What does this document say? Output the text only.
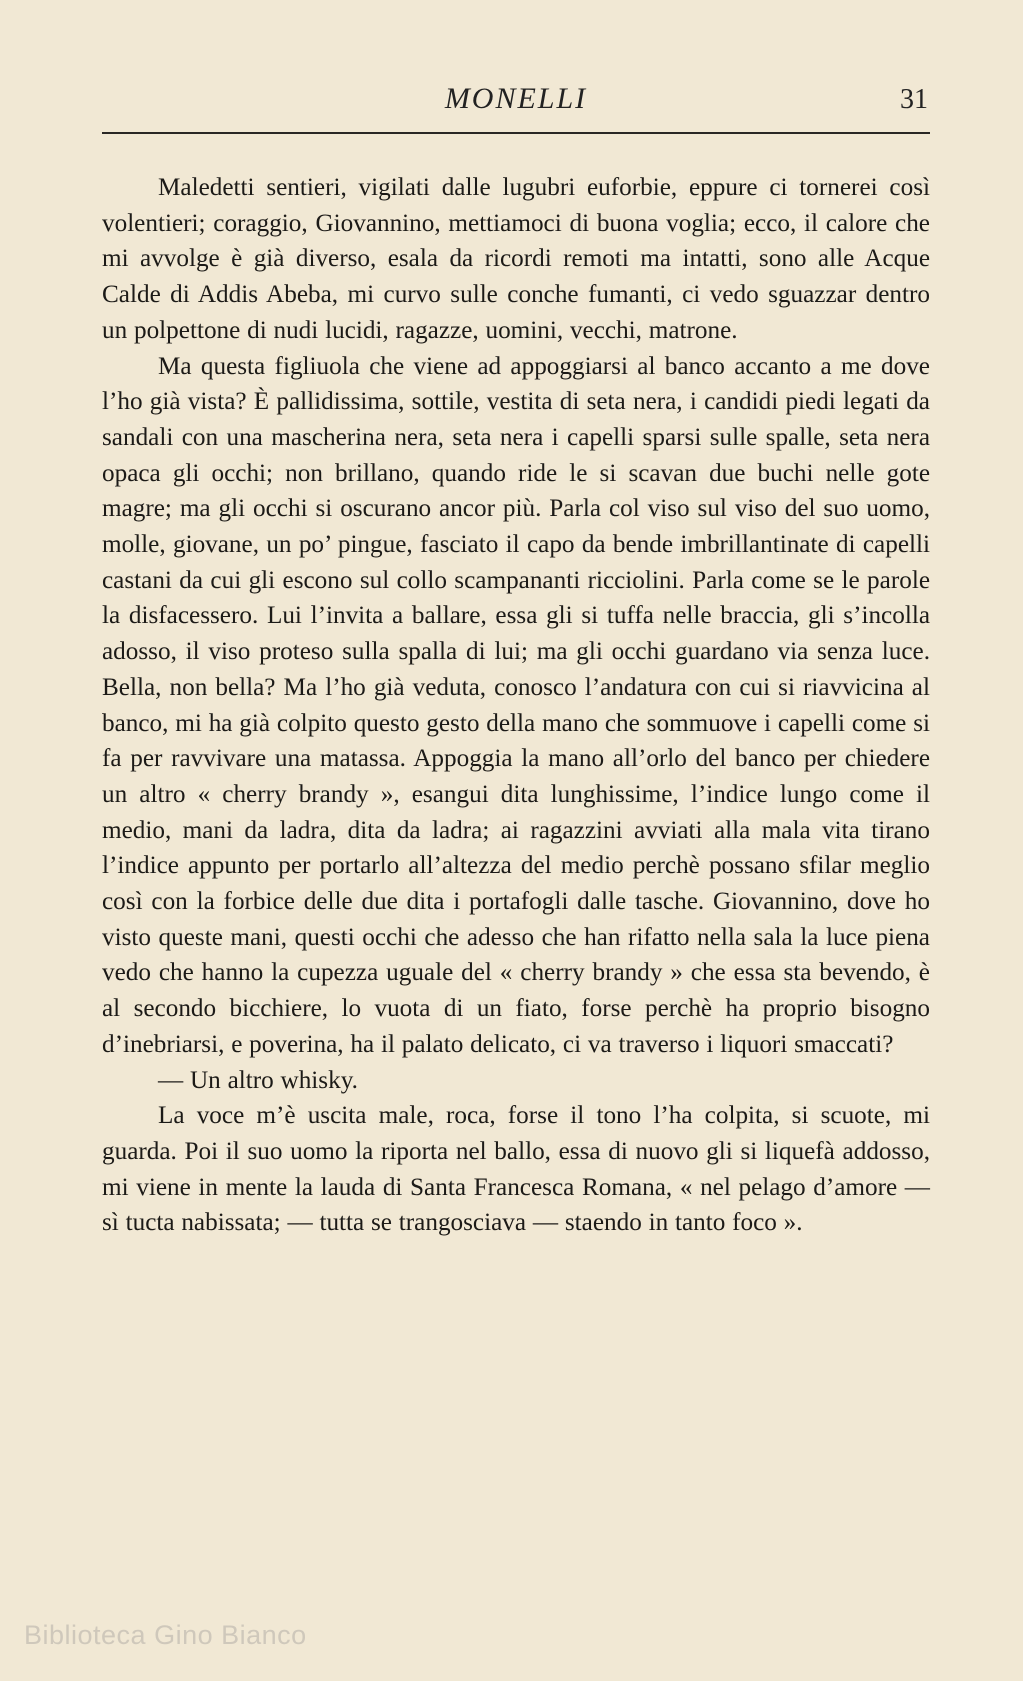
MONELLI	31

Maledetti sentieri, vigilati dalle lugubri euforbie, eppure ci tornerei così volentieri; coraggio, Giovannino, mettiamoci di buona voglia; ecco, il calore che mi avvolge è già diverso, esala da ricordi remoti ma intatti, sono alle Acque Calde di Addis Abeba, mi curvo sulle conche fumanti, ci vedo sguazzar dentro un polpettone di nudi lucidi, ragazze, uomini, vecchi, matrone.

Ma questa figliuola che viene ad appoggiarsi al banco accanto a me dove l’ho già vista? È pallidissima, sottile, vestita di seta nera, i candidi piedi legati da sandali con una mascherina nera, seta nera i capelli sparsi sulle spalle, seta nera opaca gli occhi; non brillano, quando ride le si scavan due buchi nelle gote magre; ma gli occhi si oscurano ancor più. Parla col viso sul viso del suo uomo, molle, giovane, un po’ pingue, fasciato il capo da bende imbrillantinate di capelli castani da cui gli escono sul collo scampananti ricciolini. Parla come se le parole la disfacessero. Lui l’invita a ballare, essa gli si tuffa nelle braccia, gli s’incolla adosso, il viso proteso sulla spalla di lui; ma gli occhi guardano via senza luce. Bella, non bella? Ma l’ho già veduta, conosco l’andatura con cui si riavvicina al banco, mi ha già colpito questo gesto della mano che sommuove i capelli come si fa per ravvivare una matassa. Appoggia la mano all’orlo del banco per chiedere un altro « cherry brandy », esangui dita lunghissime, l’indice lungo come il medio, mani da ladra, dita da ladra; ai ragazzini avviati alla mala vita tirano l’indice appunto per portarlo all’altezza del medio perchè possano sfilar meglio così con la forbice delle due dita i portafogli dalle tasche. Giovannino, dove ho visto queste mani, questi occhi che adesso che han rifatto nella sala la luce piena vedo che hanno la cupezza uguale del « cherry brandy » che essa sta bevendo, è al secondo bicchiere, lo vuota di un fiato, forse perchè ha proprio bisogno d’inebriarsi, e poverina, ha il palato delicato, ci va traverso i liquori smaccati?

— Un altro whisky.

La voce m’è uscita male, roca, forse il tono l’ha colpita, si scuote, mi guarda. Poi il suo uomo la riporta nel ballo, essa di nuovo gli si liquefà addosso, mi viene in mente la lauda di Santa Francesca Romana, « nel pelago d’amore — sì tucta nabissata; — tutta se trangosciava — staendo in tanto foco ».

Biblioteca Gino Bianco
